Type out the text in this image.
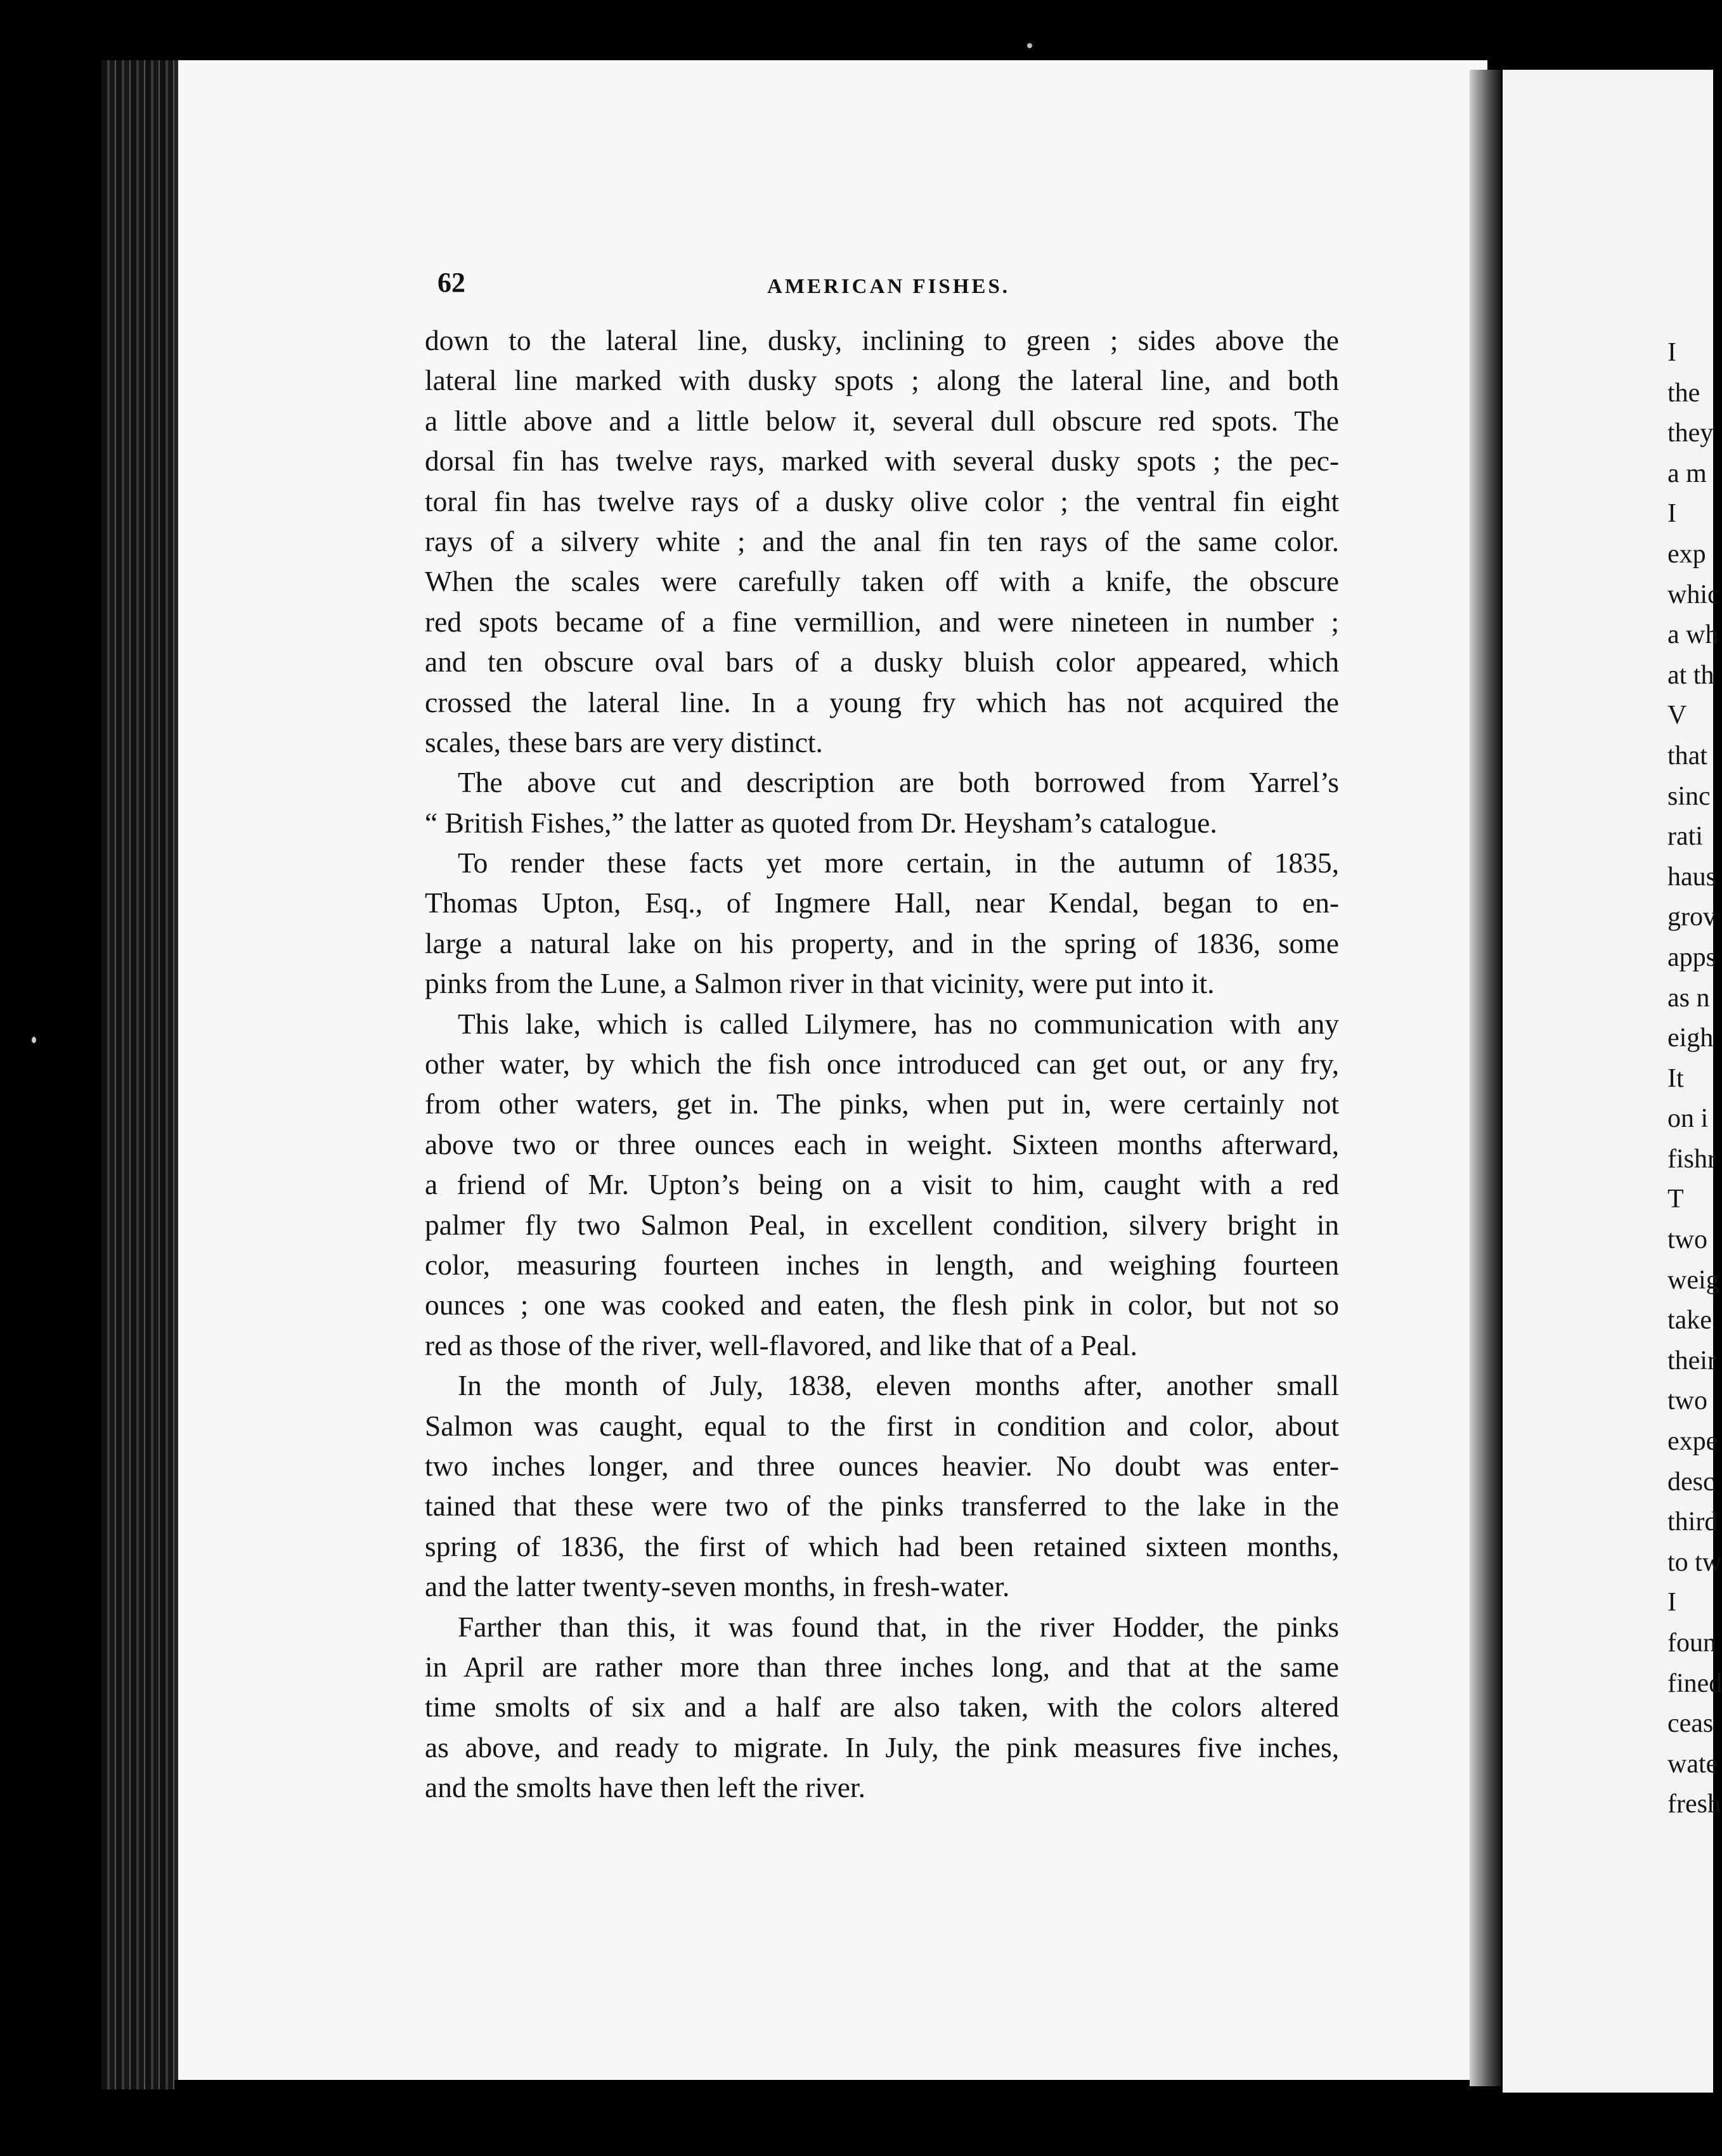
62	AMERICAN FISHES.
down to the lateral line, dusky, inclining to green ; sides above the
lateral line marked with dusky spots ; along the lateral line, and both
a little above and a little below it, several dull obscure red spots. The
dorsal fin has twelve rays, marked with several dusky spots ; the pec-
toral fin has twelve rays of a dusky olive color ; the ventral fin eight
rays of a silvery white ; and the anal fin ten rays of the same color.
When the scales were carefully taken off with a knife, the obscure
red spots became of a fine vermillion, and were nineteen in number ;
and ten obscure oval bars of a dusky bluish color appeared, which
crossed the lateral line. In a young fry which has not acquired the
scales, these bars are very distinct.
The above cut and description are both borrowed from Yarrel’s
“ British Fishes,” the latter as quoted from Dr. Heysham’s catalogue.
To render these facts yet more certain, in the autumn of 1835,
Thomas Upton, Esq., of Ingmere Hall, near Kendal, began to en-
large a natural lake on his property, and in the spring of 1836, some
pinks from the Lune, a Salmon river in that vicinity, were put into it.
This lake, which is called Lilymere, has no communication with any
other water, by which the fish once introduced can get out, or any fry,
from other waters, get in. The pinks, when put in, were certainly not
above two or three ounces each in weight. Sixteen months afterward,
a friend of Mr. Upton’s being on a visit to him, caught with a red
palmer fly two Salmon Peal, in excellent condition, silvery bright in
color, measuring fourteen inches in length, and weighing fourteen
ounces ; one was cooked and eaten, the flesh pink in color, but not so
red as those of the river, well-flavored, and like that of a Peal.
In the month of July, 1838, eleven months after, another small
Salmon was caught, equal to the first in condition and color, about
two inches longer, and three ounces heavier. No doubt was enter-
tained that these were two of the pinks transferred to the lake in the
spring of 1836, the first of which had been retained sixteen months,
and the latter twenty-seven months, in fresh-water.
Farther than this, it was found that, in the river Hodder, the pinks
in April are rather more than three inches long, and that at the same
time smolts of six and a half are also taken, with the colors altered
as above, and ready to migrate. In July, the pink measures five inches,
and the smolts have then left the river.
I
the
they
a m
I
exp
whic
a wh
at th
V
that
sinc
rati
haus
grov
apps
as n
eigh
It
on i
fishr
T
two
weig
take
their
two
expe
desc
third
to tw
I
foun
fined
ceas
wate
fresh
